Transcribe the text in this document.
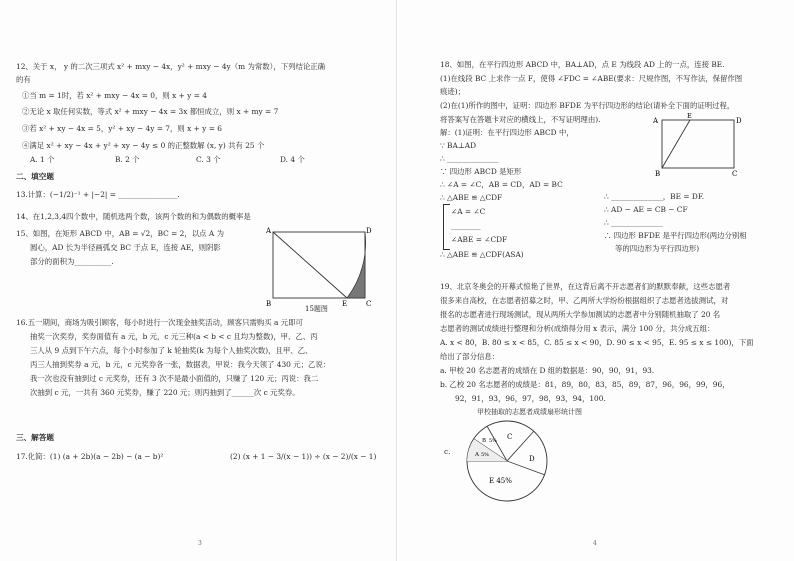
12、关于 x， y 的二次三项式 x² + mxy − 4x，y² + mxy − 4y（m 为常数），下列结论正确
的有
①当 m = 1时，若 x² + mxy − 4x = 0，则 x + y = 4
②无论 x 取任何实数，等式 x² + mxy − 4x = 3x 都恒成立，则 x + my = 7
③若 x² + xy − 4x = 5，y² + xy − 4y = 7，则 x + y = 6
④满足 x² + xy − 4x + y² + xy − 4y ≤ 0 的正整数解 (x, y) 共有 25 个
A. 1 个	B. 2 个	C. 3 个	D. 4 个
二、填空题
13.计算：(−1/2)⁻¹ + |−2| = ________________.
14、在1,2,3,4四个数中，随机选两个数，该两个数的和为偶数的概率是
15、如图，在矩形 ABCD 中，AB = √2，BC = 2，以点 A 为
圆心，AD 长为半径画弧交 BC 于点 E，连接 AE，则阴影
部分的面积为__________.
A	D
B	E	C
15题图
16.五一期间，商场为吸引顾客，每小时进行一次现金抽奖活动，顾客只需购买 a 元即可
抽奖一次奖券，奖券面值有 a 元，b 元，c 元三种(a < b < c 且均为整数)，甲、乙、丙
三人从 9 点到下午六点，每个小时参加了 k 轮抽奖(k 为每个人抽奖次数)，且甲、乙、
丙三人抽到奖券 a 元，b 元，c 元奖券各一张，数据表，甲说：我今天领了 430 元；乙说：
我一次也没有抽到过 c 元奖券，还有 3 次不是最小面值的，只赚了 120 元；丙说：我二
次抽到 c 元，一共有 360 元奖券，赚了 220 元；则丙抽到了______次 c 元奖券。
三、解答题
17.化简：(1) (a + 2b)(a − 2b) − (a − b)²	(2) (x + 1 − 3/(x − 1)) ÷ (x − 2)/(x − 1)
3
18、如图，在平行四边形 ABCD 中，BA⊥AD，点 E 为线段 AD 上的一点，连接 BE.
(1)在线段 BC 上求作一点 F，使得 ∠FDC = ∠ABE(要求：尺规作图，不写作法，保留作图
痕迹)；
(2)在(1)所作的图中，证明：四边形 BFDE 为平行四边形的结论(请补全下面的证明过程，
将答案写在答题卡对应的横线上，不写证明理由).
解：(1)证明：在平行四边形 ABCD 中，
∵ BA⊥AD
∴ ______________
∵ 四边形 ABCD 是矩形
∴ ∠A = ∠C，AB = CD，AD = BC
∴ △ABE ≌ △CDF
∠A = ∠C
________
∠ABE = ∠CDF
∴ △ABE ≌ △CDF(ASA)
∴ ______________，BE = DF.
∴ AD − AE = CB − CF
∴ ______________
∴ 四边形 BFDE 是平行四边形(两边分别相
等的四边形为平行四边形)
A
E
D
B	C
19、北京冬奥会的开幕式惊艳了世界，在这背后离不开志愿者们的默默奉献，这些志愿者
很多来自高校，在志愿者招募之时，甲、乙两所大学纷纷根据组织了志愿者选拔测试，对
报名的志愿者进行现场测试，现从两所大学参加测试的志愿者中分别随机抽取了 20 名
志愿者的测试成绩进行整理和分析(成绩得分用 x 表示，满分 100 分，共分成五组：
A. x < 80，B. 80 ≤ x < 85，C. 85 ≤ x < 90，D. 90 ≤ x < 95，E. 95 ≤ x ≤ 100)，下面
给出了部分信息：
a. 甲校 20 名志愿者的成绩在 D 组的数据是：90，90，91，93.
b. 乙校 20 名志愿者的成绩是：81，89，80，83，85，89，87，96，96，99，96，
92，91，93，96，97，98，93，94，100.
甲校抽取的志愿者成绩扇形统计图
c.
C
D
B 5%
A 5%
E 45%
4
